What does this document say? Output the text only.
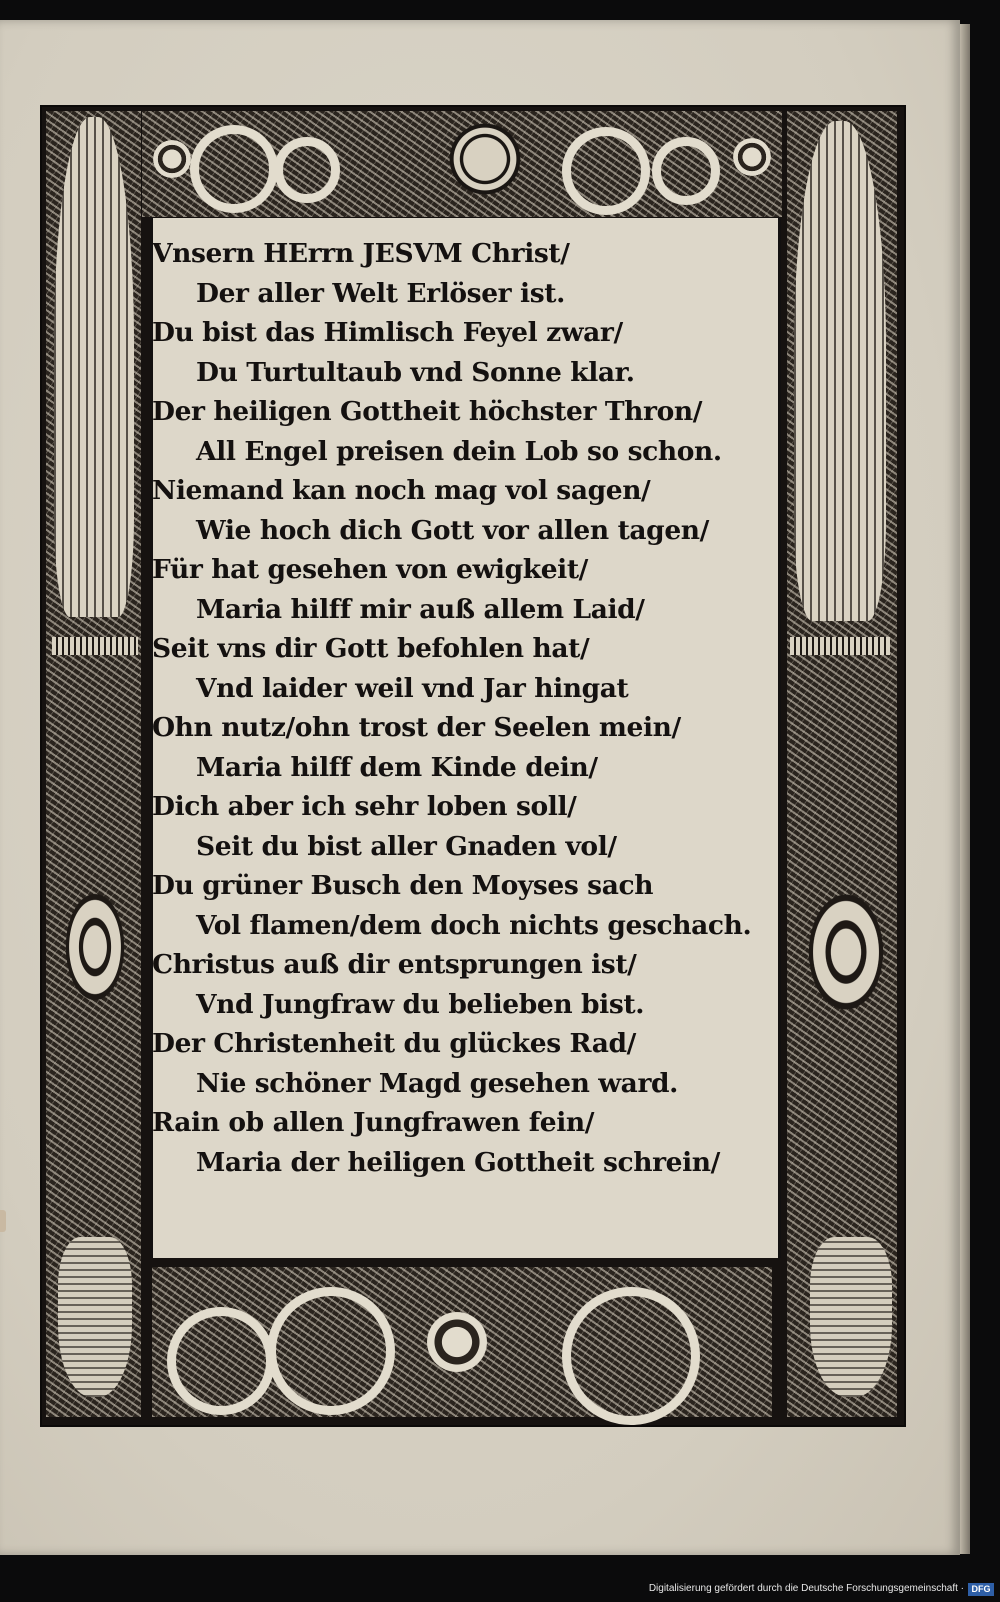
Vnsern HErrn JESVM Christ/
Der aller Welt Erlöser ist.
Du bist das Himlisch Feyel zwar/
Du Turtultaub vnd Sonne klar.
Der heiligen Gottheit höchster Thron/
All Engel preisen dein Lob so schon.
Niemand kan noch mag vol sagen/
Wie hoch dich Gott vor allen tagen/
Für hat gesehen von ewigkeit/
Maria hilff mir auß allem Laid/
Seit vns dir Gott befohlen hat/
Vnd laider weil vnd Jar hingat
Ohn nutz/ohn trost der Seelen mein/
Maria hilff dem Kinde dein/
Dich aber ich sehr loben soll/
Seit du bist aller Gnaden vol/
Du grüner Busch den Moyses sach
Vol flamen/dem doch nichts geschach.
Christus auß dir entsprungen ist/
Vnd Jungfraw du belieben bist.
Der Christenheit du glückes Rad/
Nie schöner Magd gesehen ward.
Rain ob allen Jungfrawen fein/
Maria der heiligen Gottheit schrein/
Digitalisierung gefördert durch die Deutsche Forschungsgemeinschaft · DFG
